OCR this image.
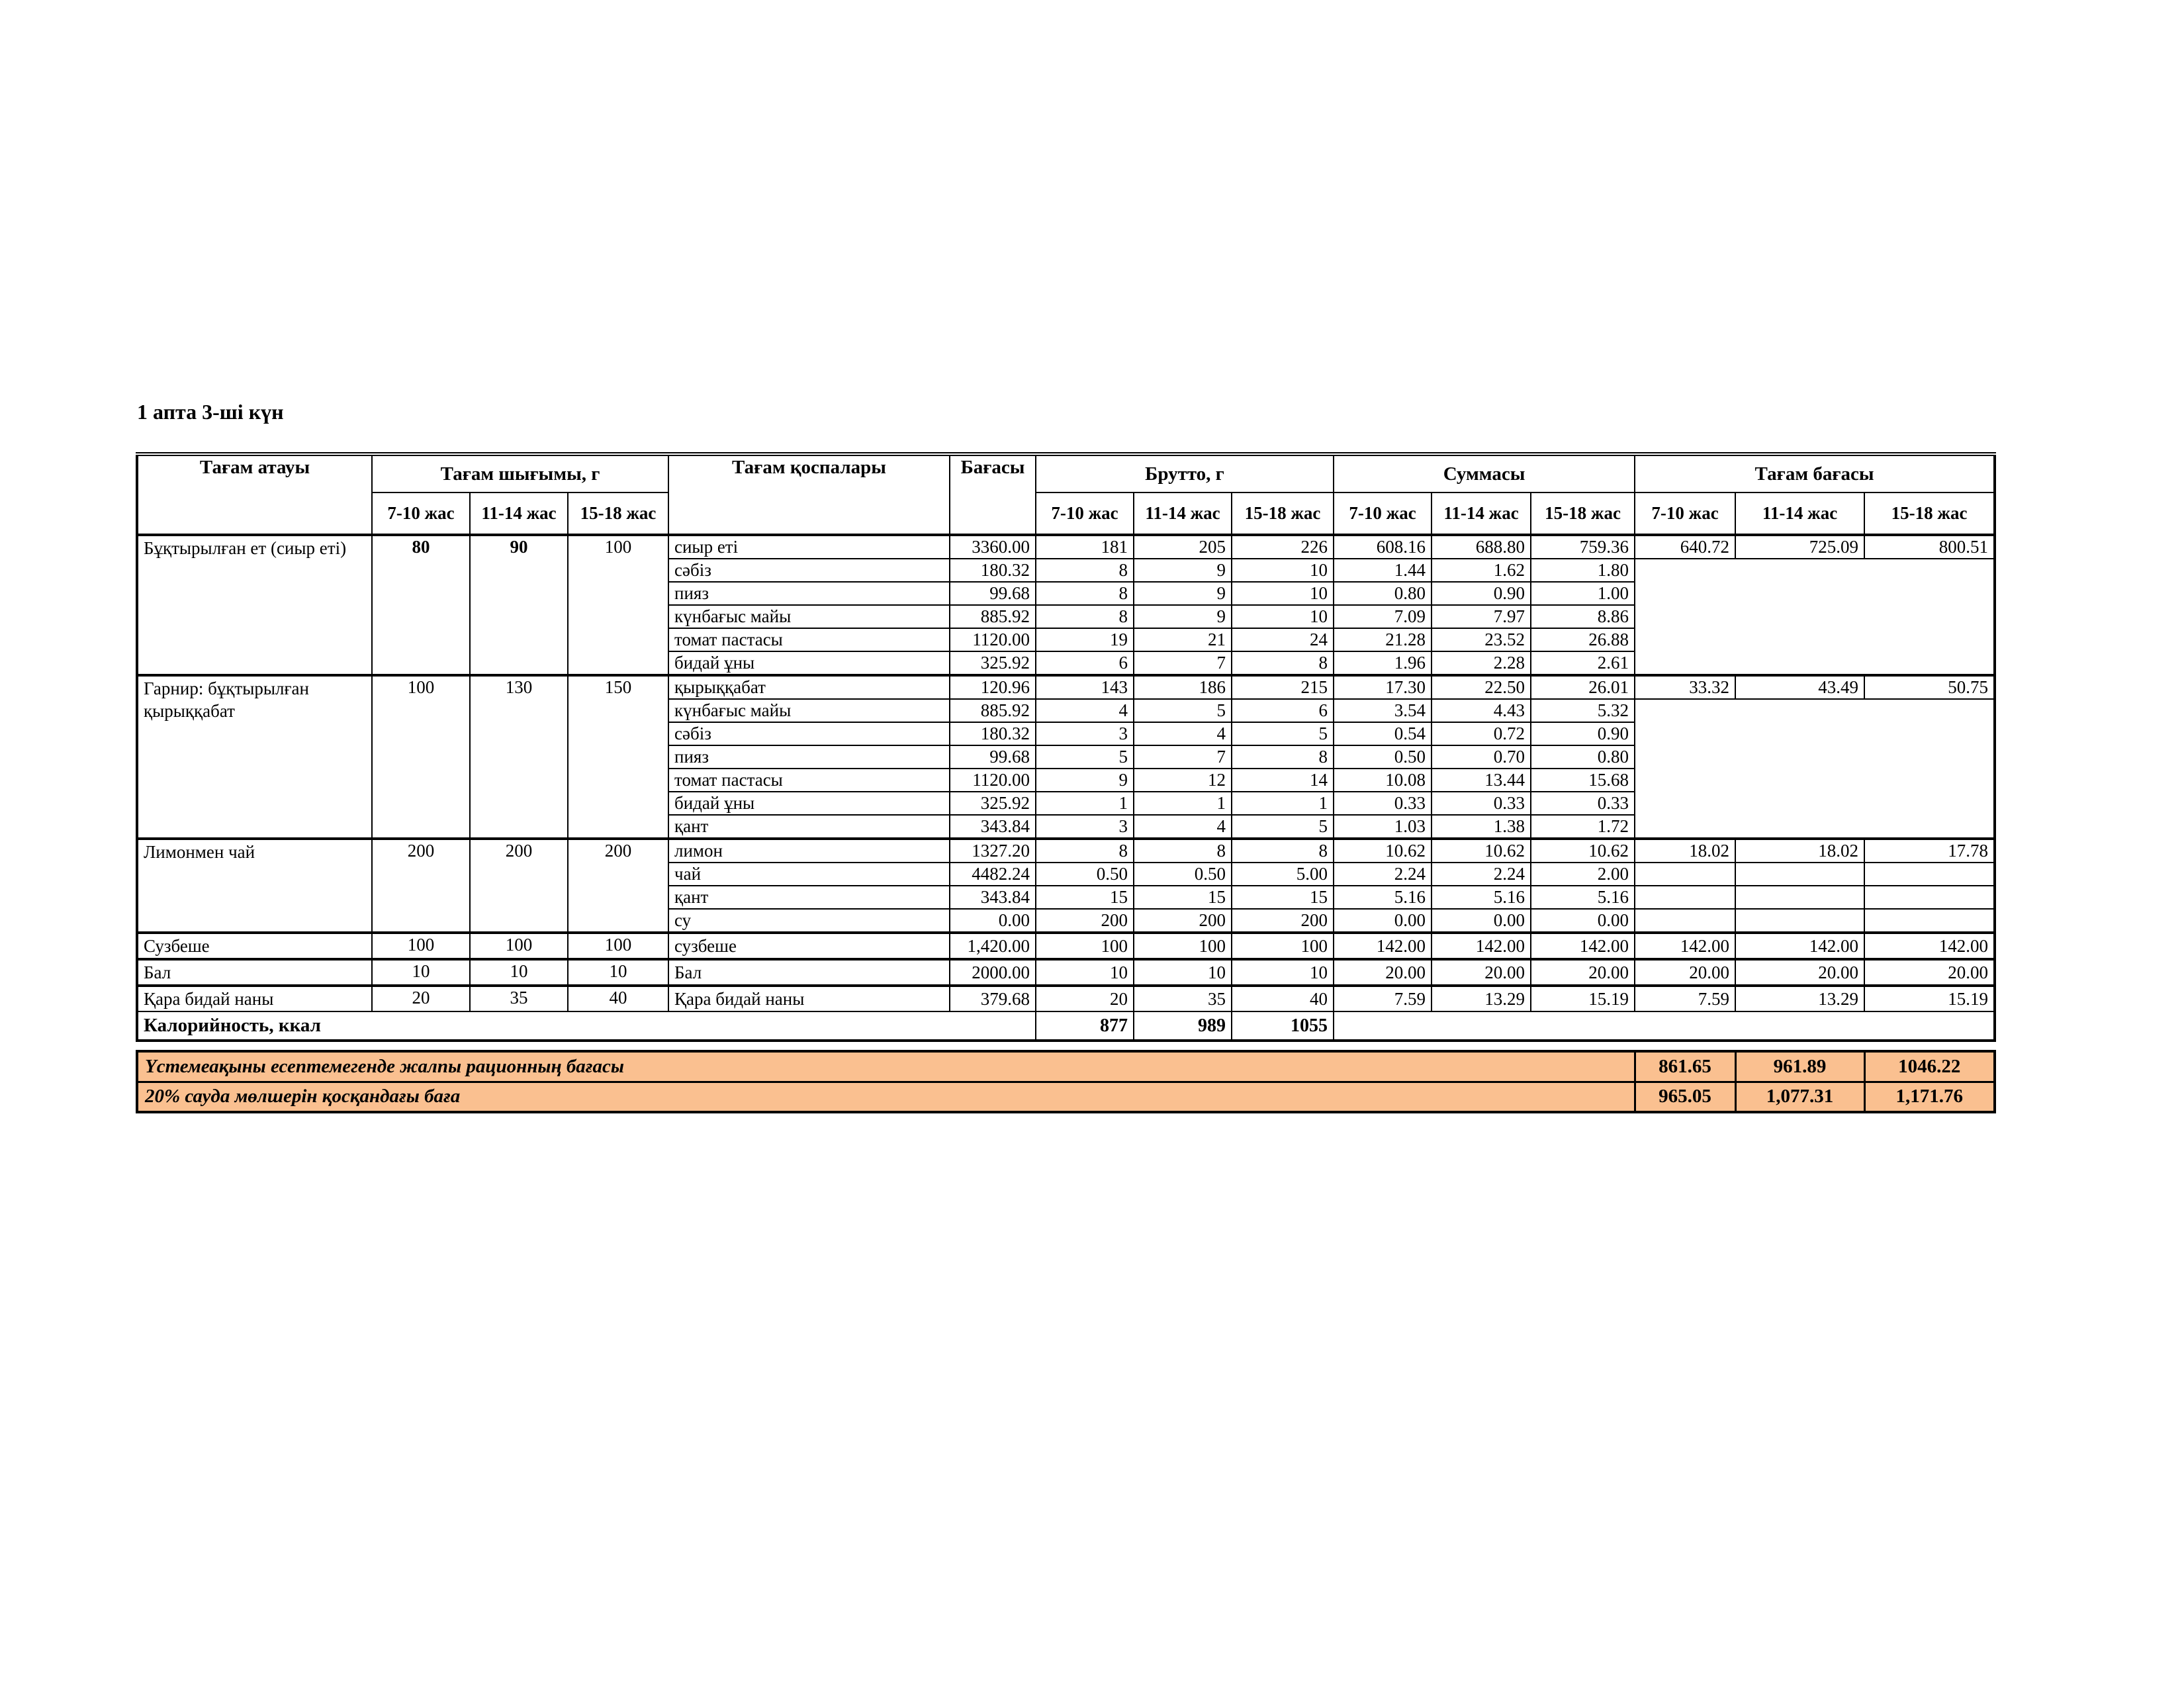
1 апта 3-ші күн
Тағам атауы	Тағам шығымы, г			Тағам қоспалары	Бағасы	Брутто, г			Суммасы			Тағам бағасы		
	7-10 жас	11-14 жас	15-18 жас			7-10 жас	11-14 жас	15-18 жас	7-10 жас	11-14 жас	15-18 жас	7-10 жас	11-14 жас	15-18 жас
Бұқтырылған ет (сиыр еті)	80	90	100	сиыр еті	3360.00	181	205	226	608.16	688.80	759.36	640.72	725.09	800.51
				сәбіз	180.32	8	9	10	1.44	1.62	1.80			
				пияз	99.68	8	9	10	0.80	0.90	1.00			
				күнбағыс майы	885.92	8	9	10	7.09	7.97	8.86			
				томат пастасы	1120.00	19	21	24	21.28	23.52	26.88			
				бидай ұны	325.92	6	7	8	1.96	2.28	2.61			
Гарнир: бұқтырылған қырыққабат	100	130	150	қырыққабат	120.96	143	186	215	17.30	22.50	26.01	33.32	43.49	50.75
				күнбағыс майы	885.92	4	5	6	3.54	4.43	5.32			
				сәбіз	180.32	3	4	5	0.54	0.72	0.90			
				пияз	99.68	5	7	8	0.50	0.70	0.80			
				томат пастасы	1120.00	9	12	14	10.08	13.44	15.68			
				бидай ұны	325.92	1	1	1	0.33	0.33	0.33			
				қант	343.84	3	4	5	1.03	1.38	1.72			
Лимонмен чай	200	200	200	лимон	1327.20	8	8	8	10.62	10.62	10.62	18.02	18.02	17.78
				чай	4482.24	0.50	0.50	5.00	2.24	2.24	2.00			
				қант	343.84	15	15	15	5.16	5.16	5.16			
				су	0.00	200	200	200	0.00	0.00	0.00			
Сузбеше	100	100	100	сузбеше	1,420.00	100	100	100	142.00	142.00	142.00	142.00	142.00	142.00
Бал	10	10	10	Бал	2000.00	10	10	10	20.00	20.00	20.00	20.00	20.00	20.00
Қара бидай наны	20	35	40	Қара бидай наны	379.68	20	35	40	7.59	13.29	15.19	7.59	13.29	15.19
Калорийность, ккал						877	989	1055						
Үстемеақыны есептемегенде жалпы рационның бағасы	861.65	961.89	1046.22
20% сауда мөлшерін қосқандағы баға	965.05	1,077.31	1,171.76
